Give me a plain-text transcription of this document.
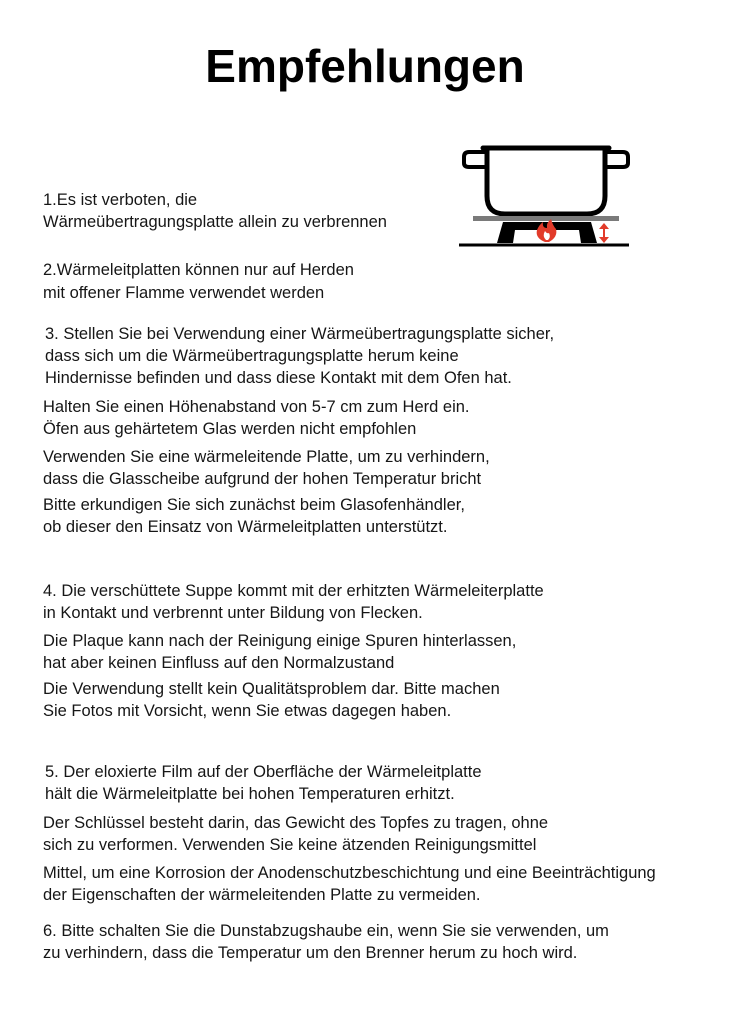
Empfehlungen
1.Es ist verboten, die
Wärmeübertragungsplatte allein zu verbrennen
2.Wärmeleitplatten können nur auf Herden
mit offener Flamme verwendet werden
3. Stellen Sie bei Verwendung einer Wärmeübertragungsplatte sicher,
dass sich um die Wärmeübertragungsplatte herum keine
Hindernisse befinden und dass diese Kontakt mit dem Ofen hat.
Halten Sie einen Höhenabstand von 5-7 cm zum Herd ein.
Öfen aus gehärtetem Glas werden nicht empfohlen
Verwenden Sie eine wärmeleitende Platte, um zu verhindern,
dass die Glasscheibe aufgrund der hohen Temperatur bricht
Bitte erkundigen Sie sich zunächst beim Glasofenhändler,
ob dieser den Einsatz von Wärmeleitplatten unterstützt.
4. Die verschüttete Suppe kommt mit der erhitzten Wärmeleiterplatte
in Kontakt und verbrennt unter Bildung von Flecken.
Die Plaque kann nach der Reinigung einige Spuren hinterlassen,
hat aber keinen Einfluss auf den Normalzustand
Die Verwendung stellt kein Qualitätsproblem dar. Bitte machen
Sie Fotos mit Vorsicht, wenn Sie etwas dagegen haben.
5. Der eloxierte Film auf der Oberfläche der Wärmeleitplatte
hält die Wärmeleitplatte bei hohen Temperaturen erhitzt.
Der Schlüssel besteht darin, das Gewicht des Topfes zu tragen, ohne
sich zu verformen. Verwenden Sie keine ätzenden Reinigungsmittel
Mittel, um eine Korrosion der Anodenschutzbeschichtung und eine Beeinträchtigung
der Eigenschaften der wärmeleitenden Platte zu vermeiden.
6. Bitte schalten Sie die Dunstabzugshaube ein, wenn Sie sie verwenden, um
zu verhindern, dass die Temperatur um den Brenner herum zu hoch wird.
